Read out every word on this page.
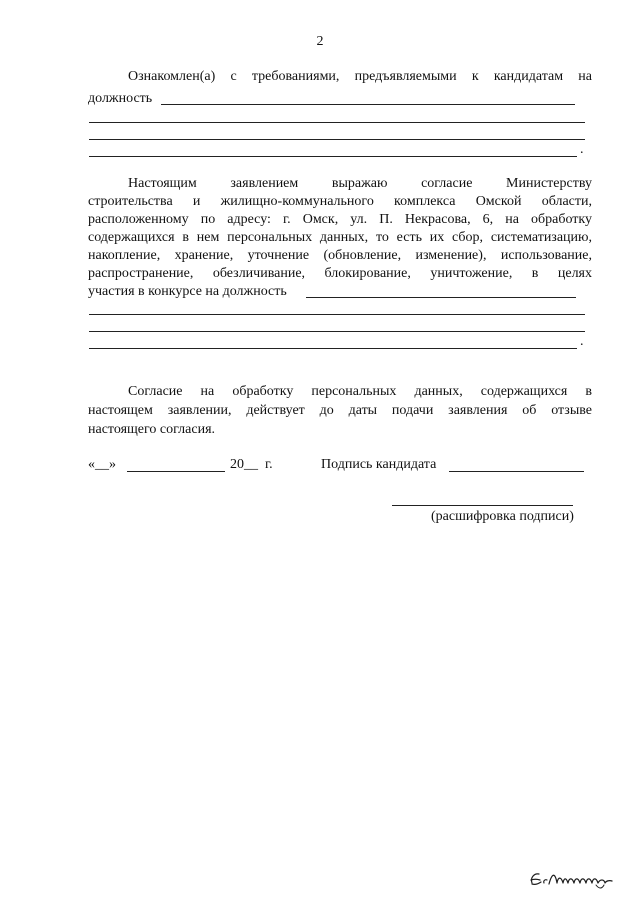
2
Ознакомлен(а) с требованиями, предъявляемыми к кандидатам на
должность
.
Настоящим заявлением выражаю согласие Министерству
строительства и жилищно-коммунального комплекса Омской области,
расположенному по адресу: г. Омск, ул. П. Некрасова, 6, на обработку
содержащихся в нем персональных данных, то есть их сбор, систематизацию,
накопление, хранение, уточнение (обновление, изменение), использование,
распространение, обезличивание, блокирование, уничтожение, в целях
участия в конкурсе на должность
.
Согласие на обработку персональных данных, содержащихся в
настоящем заявлении, действует до даты подачи заявления об отзыве
настоящего согласия.
«__»	20__ г.	Подпись кандидата
(расшифровка подписи)
